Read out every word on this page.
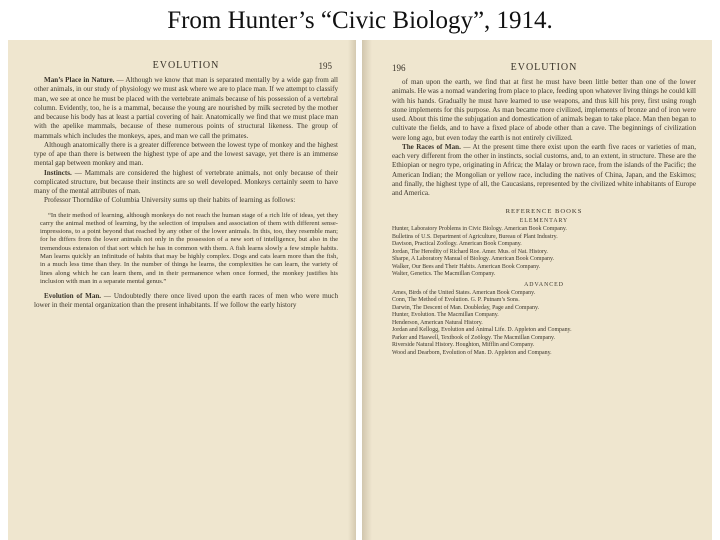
From Hunter’s “Civic Biology”, 1914.
EVOLUTION	195

Man’s Place in Nature. — Although we know that man is separated mentally by a wide gap from all other animals, in our study of physiology we must ask where we are to place man. If we attempt to classify man, we see at once he must be placed with the vertebrate animals because of his possession of a vertebral column. Evidently, too, he is a mammal, because the young are nourished by milk secreted by the mother and because his body has at least a partial covering of hair. Anatomically we find that we must place man with the apelike mammals, because of these numerous points of structural likeness. The group of mammals which includes the monkeys, apes, and man we call the primates.

Although anatomically there is a greater difference between the lowest type of monkey and the highest type of ape than there is between the highest type of ape and the lowest savage, yet there is an immense mental gap between monkey and man.

Instincts. — Mammals are considered the highest of vertebrate animals, not only because of their complicated structure, but because their instincts are so well developed. Monkeys certainly seem to have many of the mental attributes of man.

Professor Thorndike of Columbia University sums up their habits of learning as follows:

“In their method of learning, although monkeys do not reach the human stage of a rich life of ideas, yet they carry the animal method of learning, by the selection of impulses and association of them with different sense-impressions, to a point beyond that reached by any other of the lower animals. In this, too, they resemble man; for he differs from the lower animals not only in the possession of a new sort of intelligence, but also in the tremendous extension of that sort which he has in common with them. A fish learns slowly a few simple habits. Man learns quickly an infinitude of habits that may be highly complex. Dogs and cats learn more than the fish, in a much less time than they. In the number of things he learns, the complexities he can learn, the variety of lines along which he can learn them, and in their permanence when once formed, the monkey justifies his inclusion with man in a separate mental genus.”

Evolution of Man. — Undoubtedly there once lived upon the earth races of men who were much lower in their mental organization than the present inhabitants. If we follow the early history

196	EVOLUTION

of man upon the earth, we find that at first he must have been little better than one of the lower animals. He was a nomad wandering from place to place, feeding upon whatever living things he could kill with his hands. Gradually he must have learned to use weapons, and thus kill his prey, first using rough stone implements for this purpose. As man became more civilized, implements of bronze and of iron were used. About this time the subjugation and domestication of animals began to take place. Man then began to cultivate the fields, and to have a fixed place of abode other than a cave. The beginnings of civilization were long ago, but even today the earth is not entirely civilized.

The Races of Man. — At the present time there exist upon the earth five races or varieties of man, each very different from the other in instincts, social customs, and, to an extent, in structure. These are the Ethiopian or negro type, originating in Africa; the Malay or brown race, from the islands of the Pacific; the American Indian; the Mongolian or yellow race, including the natives of China, Japan, and the Eskimos; and finally, the highest type of all, the Caucasians, represented by the civilized white inhabitants of Europe and America.

REFERENCE BOOKS
ELEMENTARY
Hunter, Laboratory Problems in Civic Biology. American Book Company.
Bulletins of U.S. Department of Agriculture, Bureau of Plant Industry.
Davison, Practical Zoölogy. American Book Company.
Jordan, The Heredity of Richard Roe. Amer. Mus. of Nat. History.
Sharpe, A Laboratory Manual of Biology. American Book Company.
Walker, Our Bees and Their Habits. American Book Company.
Walter, Genetics. The Macmillan Company.
ADVANCED
Ames, Birds of the United States. American Book Company.
Conn, The Method of Evolution. G. P. Putnam’s Sons.
Darwin, The Descent of Man. Doubleday, Page and Company.
Hunter, Evolution. The Macmillan Company.
Henderson, American Natural History.
Jordan and Kellogg, Evolution and Animal Life. D. Appleton and Company.
Parker and Haswell, Textbook of Zoölogy. The Macmillan Company.
Riverside Natural History. Houghton, Mifflin and Company.
Wood and Dearborn, Evolution of Man. D. Appleton and Company.
